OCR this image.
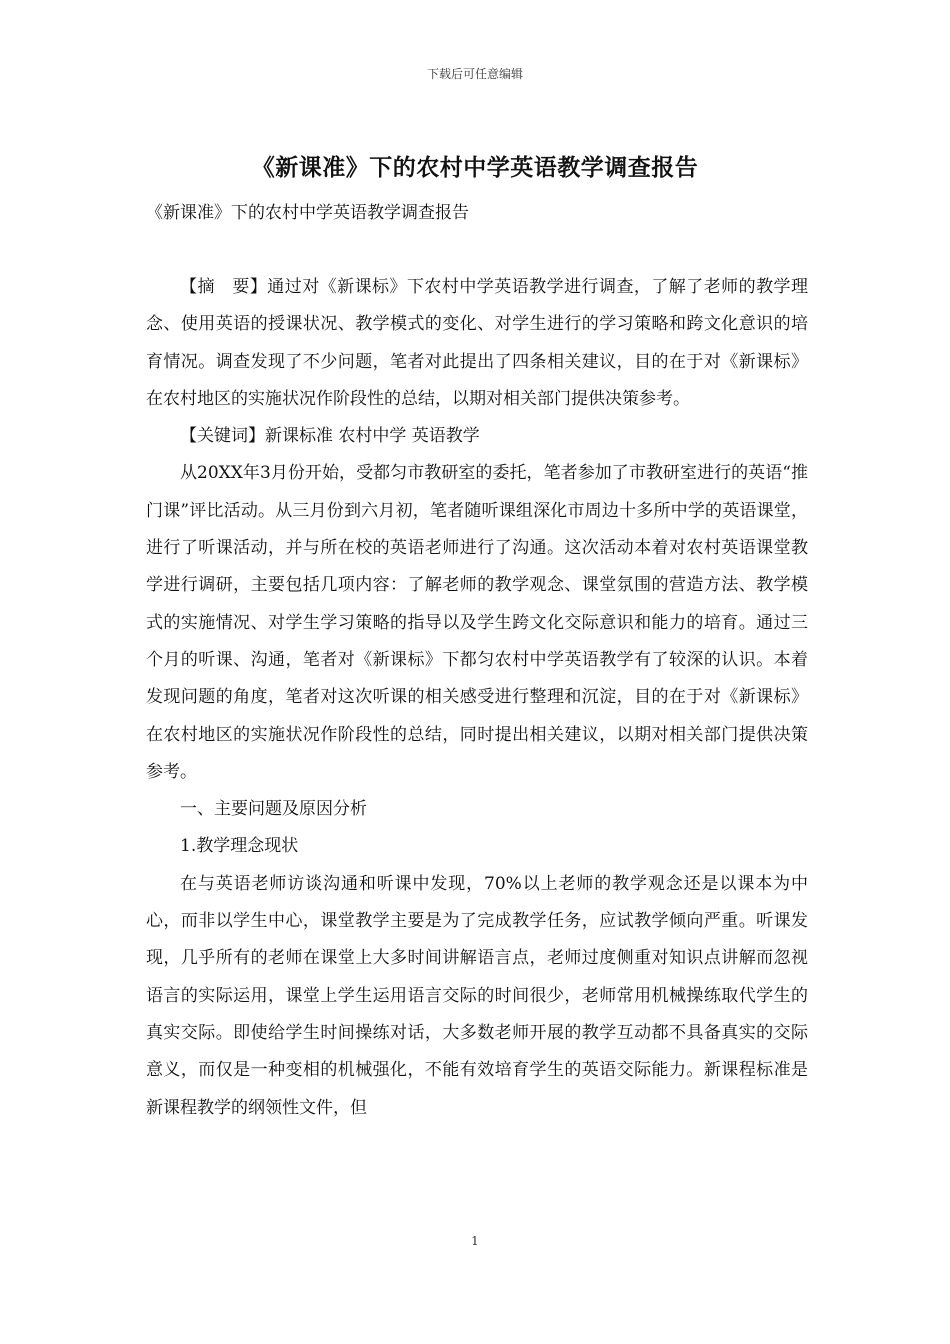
下载后可任意编辑
《新课准》下的农村中学英语教学调查报告
《新课准》下的农村中学英语教学调查报告

【摘　要】通过对《新课标》下农村中学英语教学进行调查，了解了老师的教学理念、使用英语的授课状况、教学模式的变化、对学生进行的学习策略和跨文化意识的培育情况。调查发现了不少问题，笔者对此提出了四条相关建议，目的在于对《新课标》在农村地区的实施状况作阶段性的总结，以期对相关部门提供决策参考。

【关键词】新课标准 农村中学 英语教学

从20XX年3月份开始，受都匀市教研室的委托，笔者参加了市教研室进行的英语“推门课”评比活动。从三月份到六月初，笔者随听课组深化市周边十多所中学的英语课堂，进行了听课活动，并与所在校的英语老师进行了沟通。这次活动本着对农村英语课堂教学进行调研，主要包括几项内容：了解老师的教学观念、课堂氛围的营造方法、教学模式的实施情况、对学生学习策略的指导以及学生跨文化交际意识和能力的培育。通过三个月的听课、沟通，笔者对《新课标》下都匀农村中学英语教学有了较深的认识。本着发现问题的角度，笔者对这次听课的相关感受进行整理和沉淀，目的在于对《新课标》在农村地区的实施状况作阶段性的总结，同时提出相关建议，以期对相关部门提供决策参考。

一、主要问题及原因分析

1.教学理念现状

在与英语老师访谈沟通和听课中发现，70%以上老师的教学观念还是以课本为中心，而非以学生中心，课堂教学主要是为了完成教学任务，应试教学倾向严重。听课发现，几乎所有的老师在课堂上大多时间讲解语言点，老师过度侧重对知识点讲解而忽视语言的实际运用，课堂上学生运用语言交际的时间很少，老师常用机械操练取代学生的真实交际。即使给学生时间操练对话，大多数老师开展的教学互动都不具备真实的交际意义，而仅是一种变相的机械强化，不能有效培育学生的英语交际能力。新课程标准是新课程教学的纲领性文件，但

1
